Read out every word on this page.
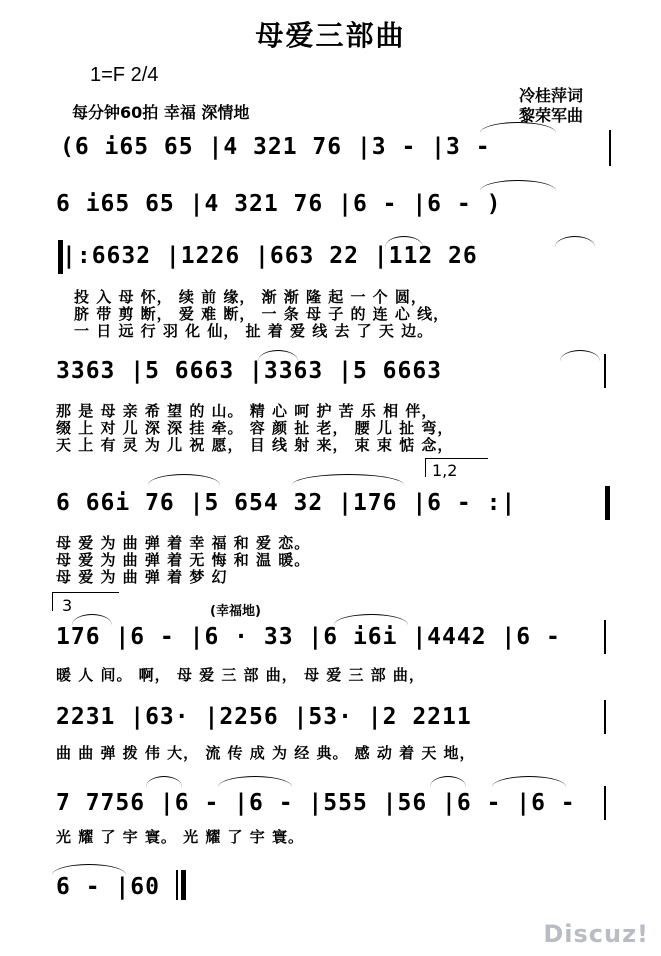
母爱三部曲
1=F 2/4
每分钟60拍 幸福 深情地
冷桂萍词
黎荣军曲
(6 i65 65 |4 321 76 |3 - |3 -
6 i65 65 |4 321 76 |6 - |6 - )
|:6632 |1226 |663 22 |112 26
投 入 母 怀， 续 前 缘， 渐 渐 隆 起 一 个 圆，
脐 带 剪 断， 爱 难 断， 一 条 母 子 的 连 心 线，
一 日 远 行 羽 化 仙， 扯 着 爱 线 去 了 天 边。
3363 |5 6663 |3363 |5 6663
那 是 母 亲 希 望 的 山。 精 心 呵 护 苦 乐 相 伴，
缀 上 对 儿 深 深 挂 牵。 容 颜 扯 老， 腰 儿 扯 弯，
天 上 有 灵 为 儿 祝 愿， 目 线 射 来， 束 束 惦 念，
1,2
6 66i 76 |5 654 32 |176 |6 - :|
母 爱 为 曲 弹 着 幸 福 和 爱 恋。
母 爱 为 曲 弹 着 无 悔 和 温 暖。
母 爱 为 曲 弹 着 梦 幻
3	(幸福地)
176 |6 - |6 · 33 |6 i6i |4442 |6 -
暖 人 间。 啊， 母 爱 三 部 曲， 母 爱 三 部 曲，
2231 |63· |2256 |53· |2 2211
曲 曲 弹 拨 伟 大， 流 传 成 为 经 典。 感 动 着 天 地，
7 7756 |6 - |6 - |555 |56 |6 - |6 -
光 耀 了 宇 寰。 光 耀 了 宇 寰。
6 - |60
Discuz!
